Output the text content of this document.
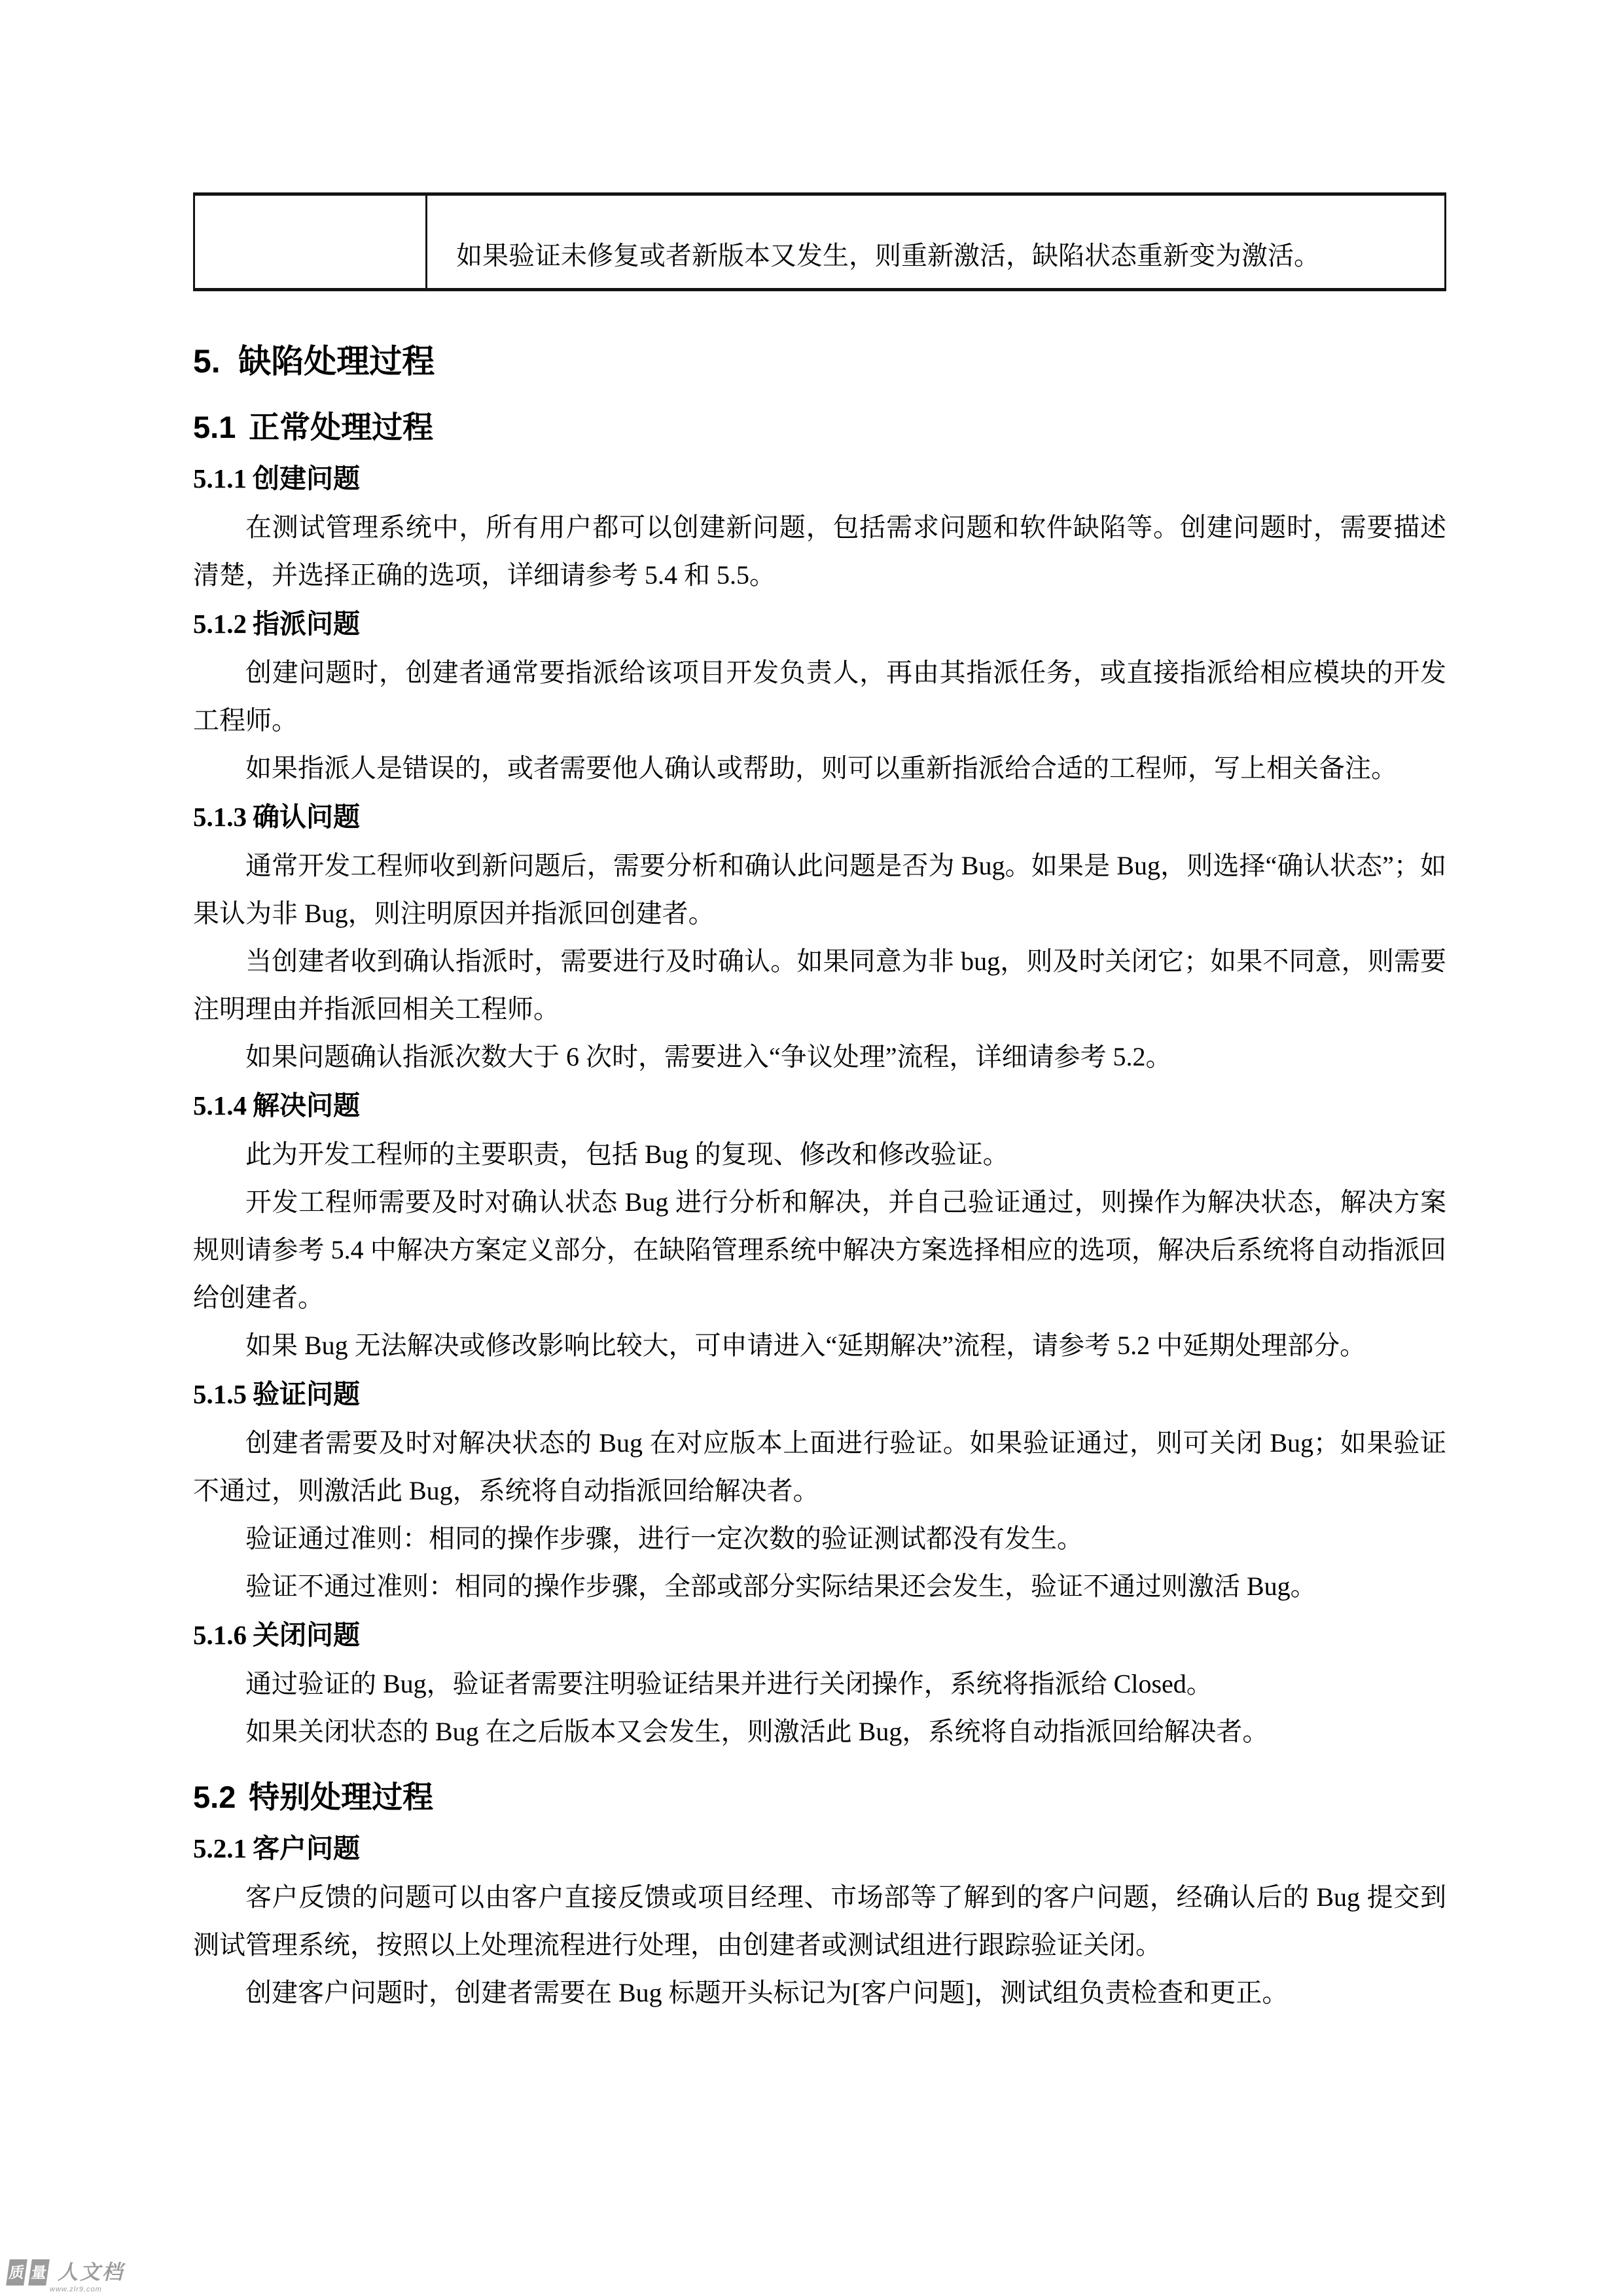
如果验证未修复或者新版本又发生，则重新激活，缺陷状态重新变为激活。
5. 缺陷处理过程
5.1 正常处理过程
5.1.1 创建问题

在测试管理系统中，所有用户都可以创建新问题，包括需求问题和软件缺陷等。创建问题时，需要描述清楚，并选择正确的选项，详细请参考 5.4 和 5.5。

5.1.2 指派问题

创建问题时，创建者通常要指派给该项目开发负责人，再由其指派任务，或直接指派给相应模块的开发工程师。

如果指派人是错误的，或者需要他人确认或帮助，则可以重新指派给合适的工程师，写上相关备注。

5.1.3 确认问题

通常开发工程师收到新问题后，需要分析和确认此问题是否为 Bug。如果是 Bug，则选择“确认状态”；如果认为非 Bug，则注明原因并指派回创建者。

当创建者收到确认指派时，需要进行及时确认。如果同意为非 bug，则及时关闭它；如果不同意，则需要注明理由并指派回相关工程师。

如果问题确认指派次数大于 6 次时，需要进入“争议处理”流程，详细请参考 5.2。

5.1.4 解决问题

此为开发工程师的主要职责，包括 Bug 的复现、修改和修改验证。

开发工程师需要及时对确认状态 Bug 进行分析和解决，并自己验证通过，则操作为解决状态，解决方案规则请参考 5.4 中解决方案定义部分，在缺陷管理系统中解决方案选择相应的选项，解决后系统将自动指派回给创建者。

如果 Bug 无法解决或修改影响比较大，可申请进入“延期解决”流程，请参考 5.2 中延期处理部分。

5.1.5 验证问题

创建者需要及时对解决状态的 Bug 在对应版本上面进行验证。如果验证通过，则可关闭 Bug；如果验证不通过，则激活此 Bug，系统将自动指派回给解决者。

验证通过准则：相同的操作步骤，进行一定次数的验证测试都没有发生。

验证不通过准则：相同的操作步骤，全部或部分实际结果还会发生，验证不通过则激活 Bug。

5.1.6 关闭问题

通过验证的 Bug，验证者需要注明验证结果并进行关闭操作，系统将指派给 Closed。

如果关闭状态的 Bug 在之后版本又会发生，则激活此 Bug，系统将自动指派回给解决者。

5.2 特别处理过程
5.2.1 客户问题

客户反馈的问题可以由客户直接反馈或项目经理、市场部等了解到的客户问题，经确认后的 Bug 提交到测试管理系统，按照以上处理流程进行处理，由创建者或测试组进行跟踪验证关闭。

创建客户问题时，创建者需要在 Bug 标题开头标记为[客户问题]，测试组负责检查和更正。

质 量 人文档
www.zlr9.com
